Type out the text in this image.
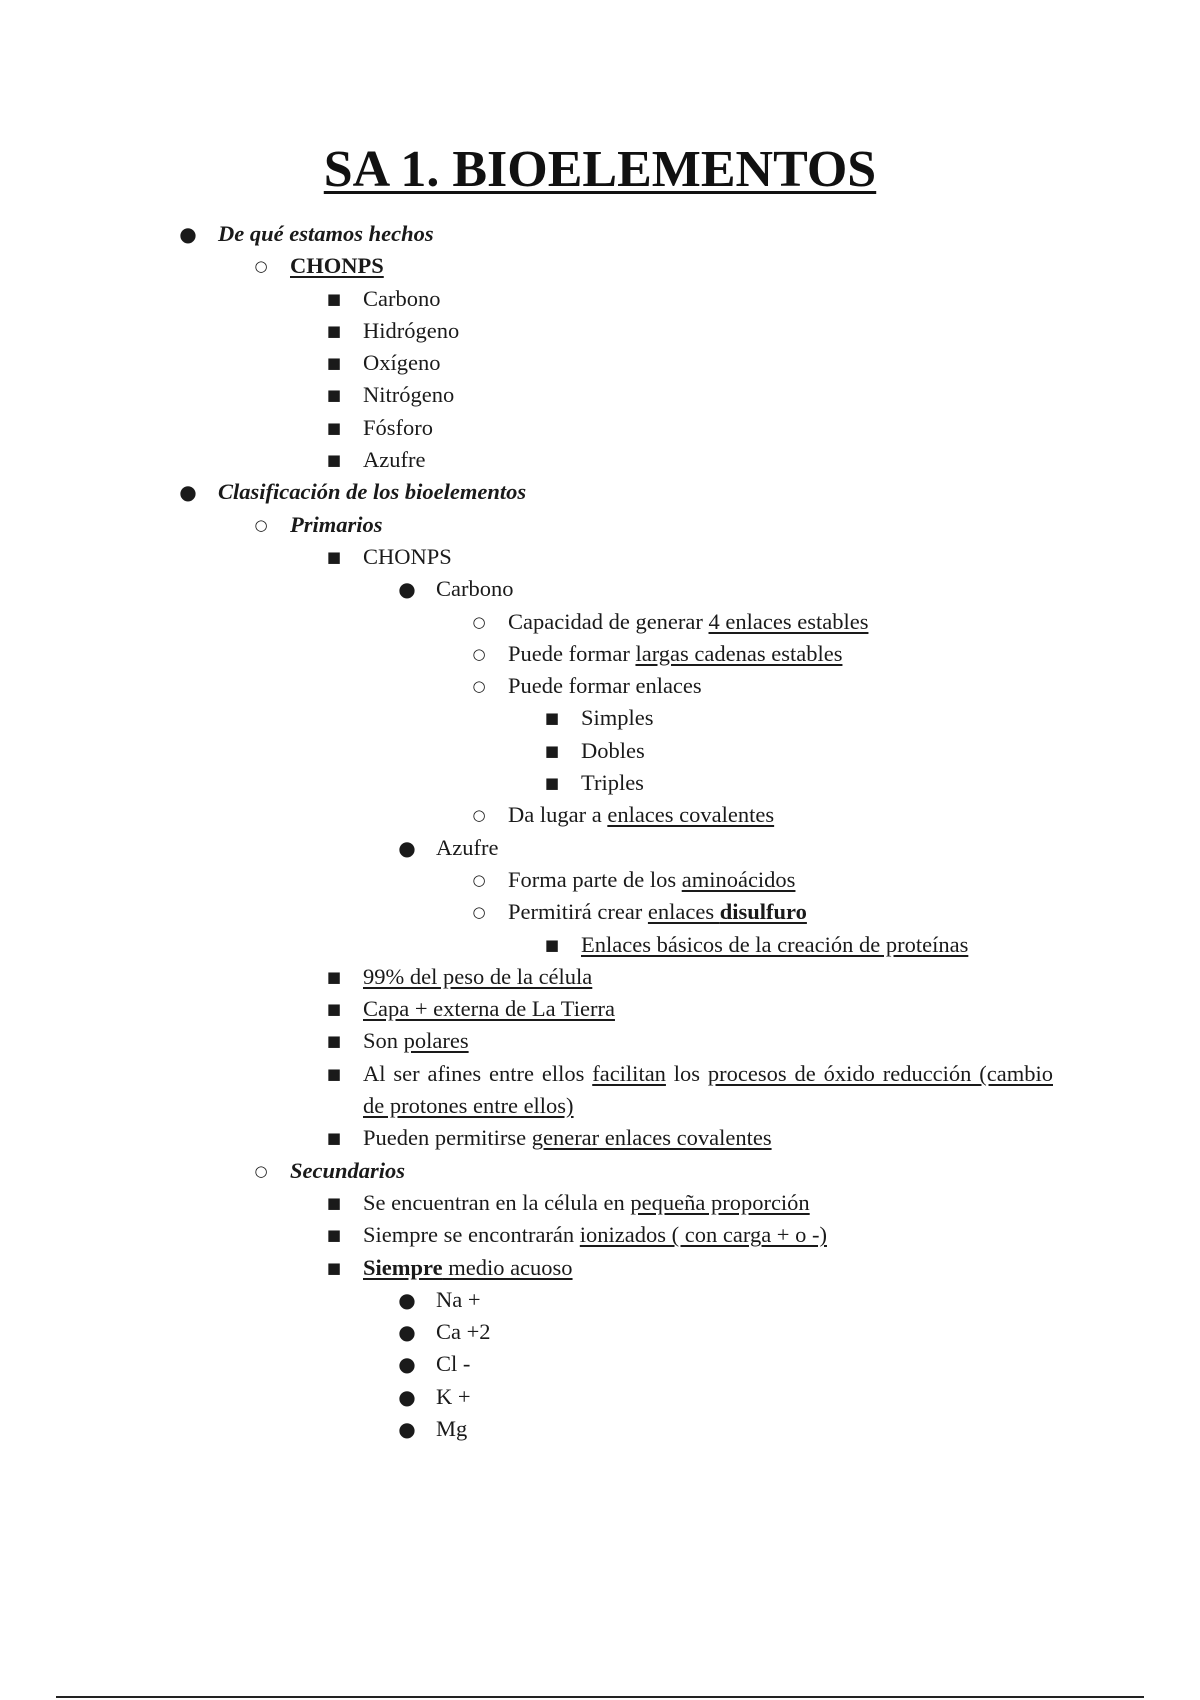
SA 1. BIOELEMENTOS
● De qué estamos hechos
○ CHONPS
■ Carbono
■ Hidrógeno
■ Oxígeno
■ Nitrógeno
■ Fósforo
■ Azufre
● Clasificación de los bioelementos
○ Primarios
■ CHONPS
● Carbono
○ Capacidad de generar 4 enlaces estables
○ Puede formar largas cadenas estables
○ Puede formar enlaces
■ Simples
■ Dobles
■ Triples
○ Da lugar a enlaces covalentes
● Azufre
○ Forma parte de los aminoácidos
○ Permitirá crear enlaces disulfuro
■ Enlaces básicos de la creación de proteínas
■ 99% del peso de la célula
■ Capa + externa de La Tierra
■ Son polares
■ Al ser afines entre ellos facilitan los procesos de óxido reducción (cambio de protones entre ellos)
■ Pueden permitirse generar enlaces covalentes
○ Secundarios
■ Se encuentran en la célula en pequeña proporción
■ Siempre se encontrarán ionizados ( con carga + o -)
■ Siempre medio acuoso
● Na +
● Ca +2
● Cl -
● K +
● Mg
